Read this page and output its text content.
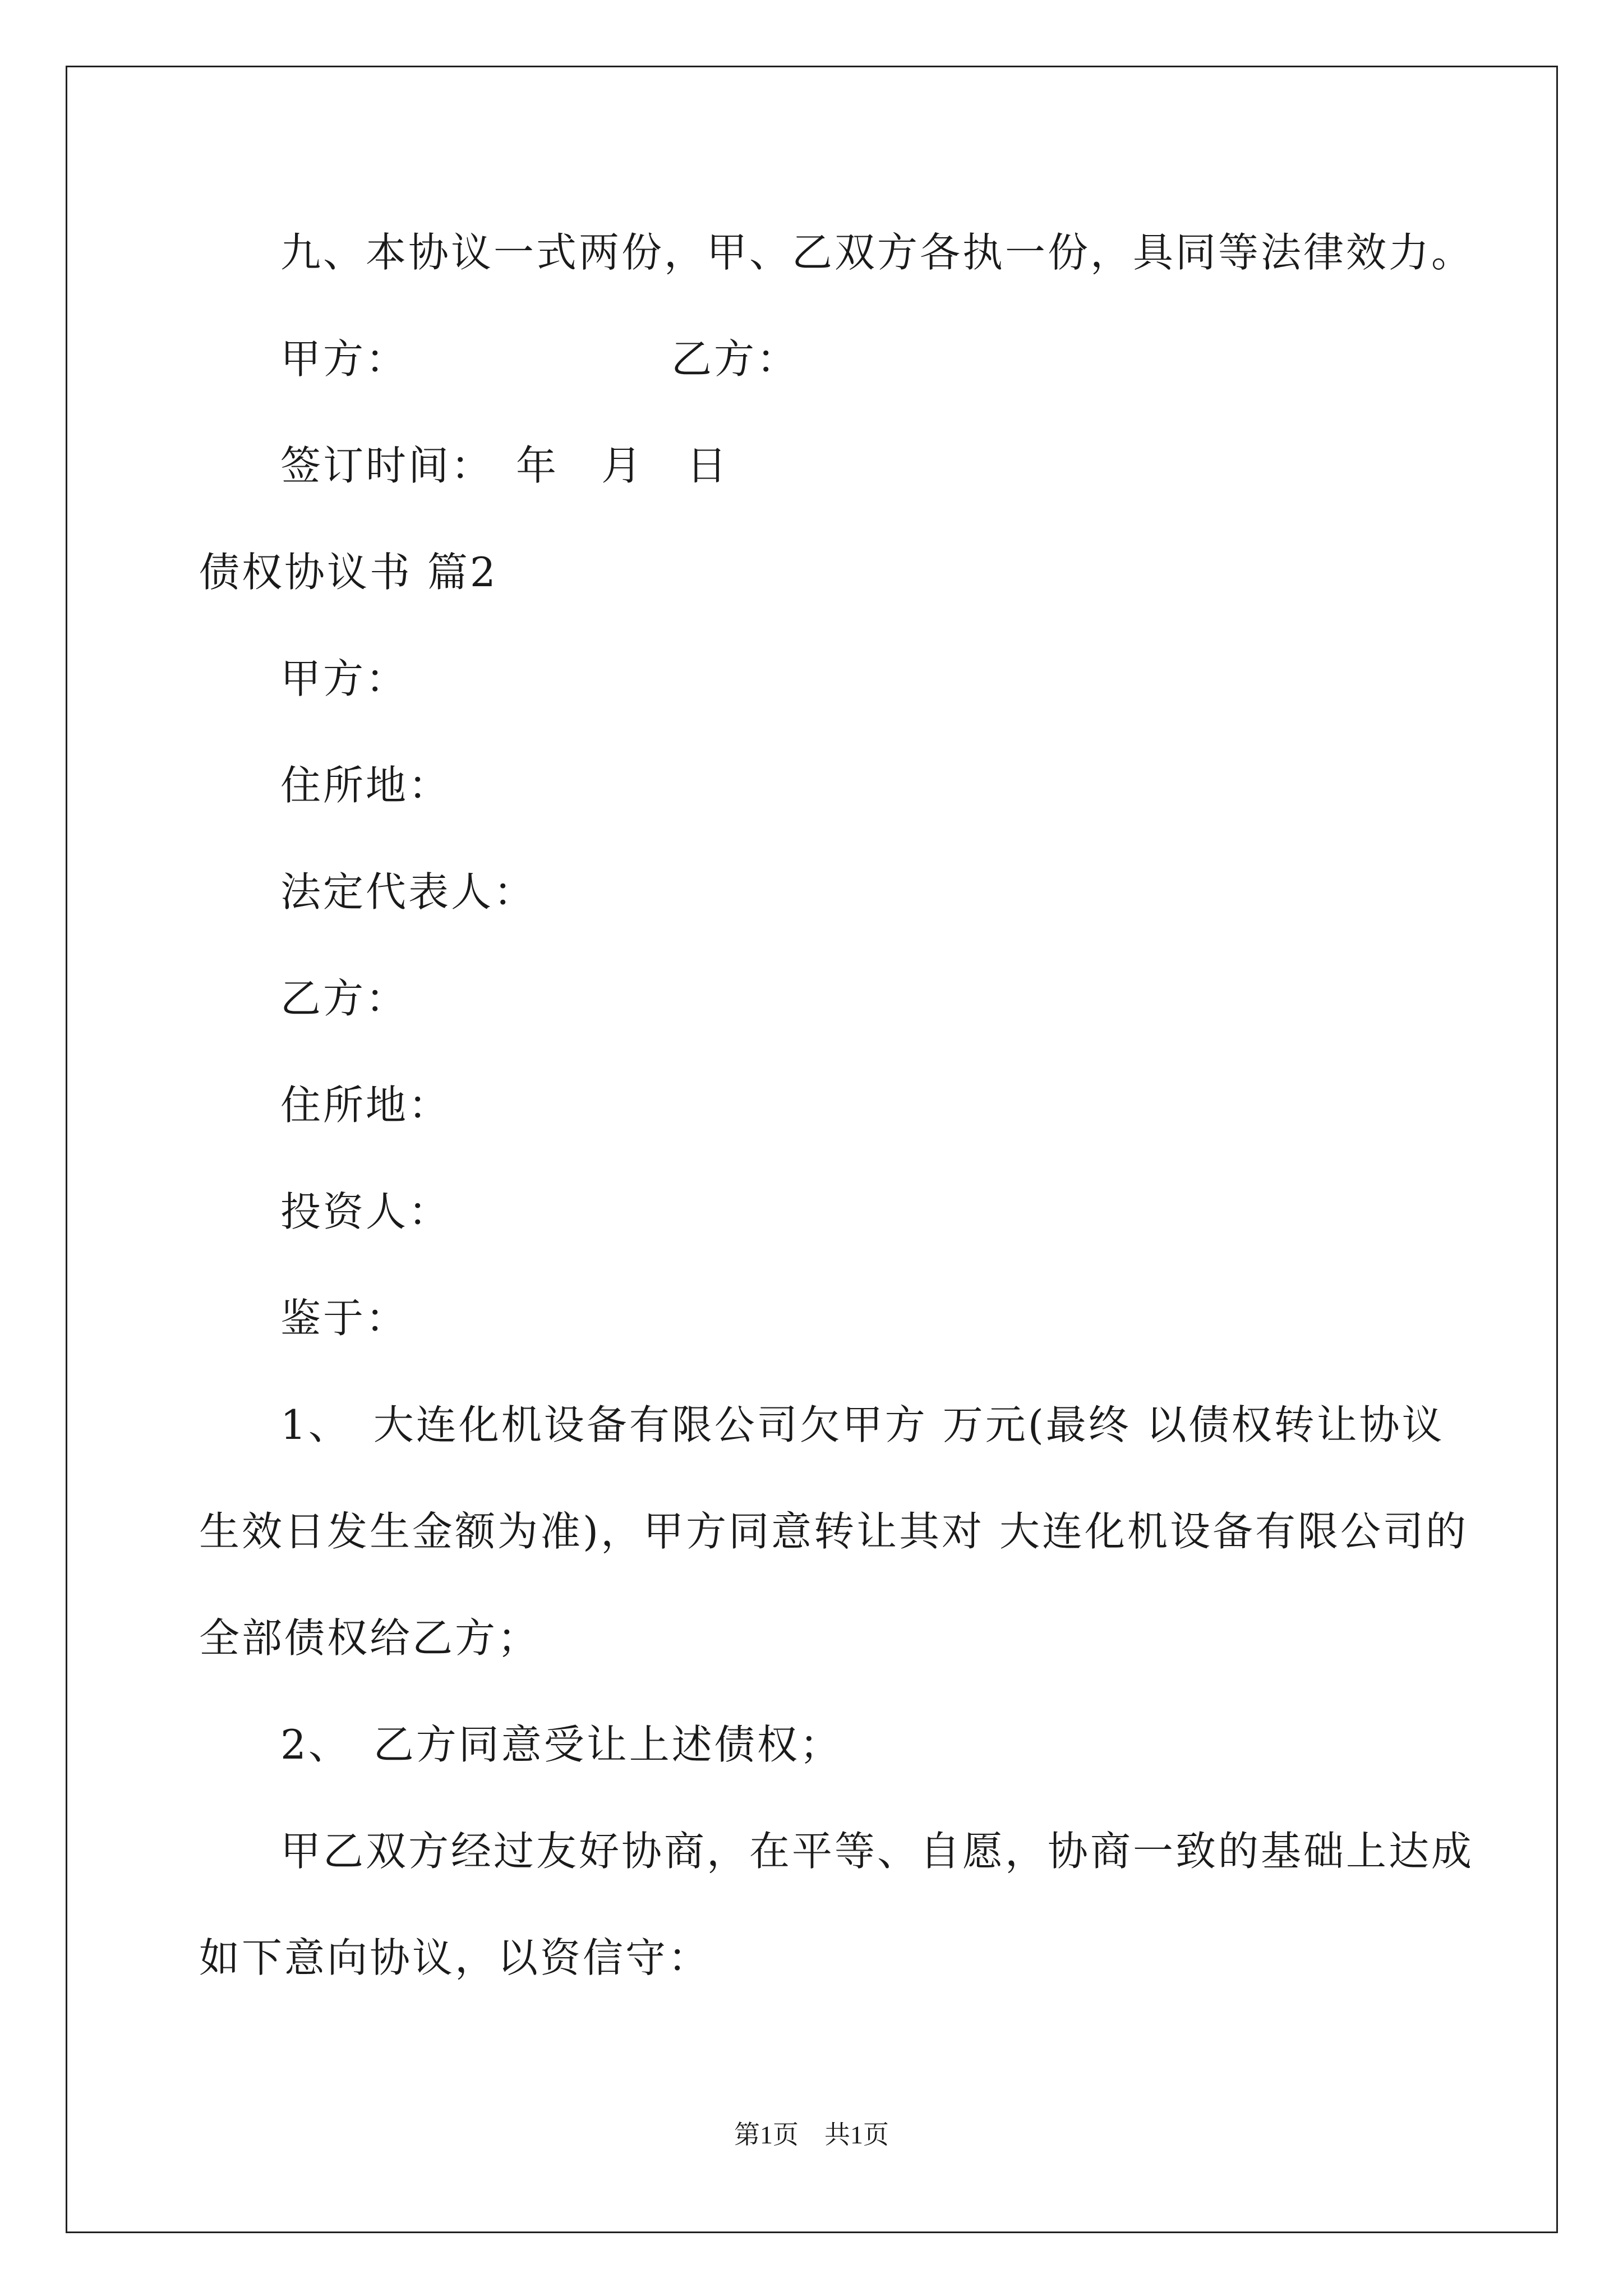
九、本协议一式两份，甲、乙双方各执一份，具同等法律效力。
甲方：	乙方：
签订时间：　年　月　日
债权协议书 篇2
甲方：
住所地：
法定代表人：
乙方：
住所地：
投资人：
鉴于：
1、　大连化机设备有限公司欠甲方 万元(最终 以债权转让协议
生效日发生金额为准)，甲方同意转让其对 大连化机设备有限公司的
全部债权给乙方；
2、　乙方同意受让上述债权；
甲乙双方经过友好协商，在平等、自愿，协商一致的基础上达成
如下意向协议，以资信守：
第1页　共1页
